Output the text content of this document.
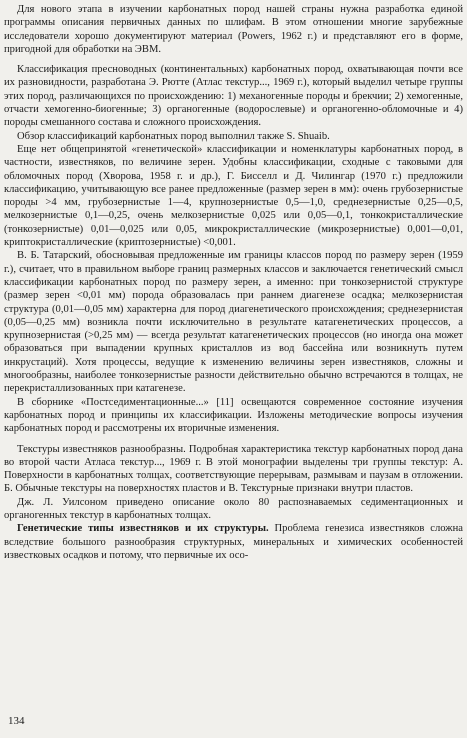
Для нового этапа в изучении карбонатных пород нашей страны нужна разработка единой программы описания первичных данных по шлифам. В этом отношении многие зарубежные исследователи хорошо документируют материал (Powers, 1962 г.) и представляют его в форме, пригодной для обработки на ЭВМ.

Классификация пресноводных (континентальных) карбонатных пород, охватывающая почти все их разновидности, разработана Э. Рютте (Атлас текстур..., 1969 г.), который выделил четыре группы этих пород, различающихся по происхождению: 1) механогенные породы и брекчии; 2) хемогенные, отчасти хемогенно-биогенные; 3) органогенные (водорослевые) и органогенно-обломочные и 4) породы смешанного состава и сложного происхождения.

Обзор классификаций карбонатных пород выполнил также S. Shuaib.

Еще нет общепринятой «генетической» классификации и номенклатуры карбонатных пород, в частности, известняков, по величине зерен. Удобны классификации, сходные с таковыми для обломочных пород (Хворова, 1958 г. и др.), Г. Бисселл и Д. Чилингар (1970 г.) предложили классификацию, учитывающую все ранее предложенные (размер зерен в мм): очень грубозернистые породы >4 мм, грубозернистые 1—4, крупнозернистые 0,5—1,0, среднезернистые 0,25—0,5, мелкозернистые 0,1—0,25, очень мелкозернистые 0,025 или 0,05—0,1, тонкокристаллические (тонкозернистые) 0,01—0,025 или 0,05, микрокристаллические (микрозернистые) 0,001—0,01, криптокристаллические (криптозернистые) <0,001.

В. Б. Татарский, обосновывая предложенные им границы классов пород по размеру зерен (1959 г.), считает, что в правильном выборе границ размерных классов и заключается генетический смысл классификации карбонатных пород по размеру зерен, а именно: при тонкозернистой структуре (размер зерен <0,01 мм) порода образовалась при раннем диагенезе осадка; мелкозернистая структура (0,01—0,05 мм) характерна для пород диагенетического происхождения; среднезернистая (0,05—0,25 мм) возникла почти исключительно в результате катагенетических процессов, а крупнозернистая (>0,25 мм) — всегда результат катагенетических процессов (но иногда она может образоваться при выпадении крупных кристаллов из вод бассейна или возникнуть путем инкрустаций). Хотя процессы, ведущие к изменению величины зерен известняков, сложны и многообразны, наиболее тонкозернистые разности действительно обычно встречаются в толщах, не перекристаллизованных при катагенезе.

В сборнике «Постседиментационные...» [11] освещаются современное состояние изучения карбонатных пород и принципы их классификации. Изложены методические вопросы изучения карбонатных пород и рассмотрены их вторичные изменения.

Текстуры известняков разнообразны. Подробная характеристика текстур карбонатных пород дана во второй части Атласа текстур..., 1969 г. В этой монографии выделены три группы текстур: А. Поверхности в карбонатных толщах, соответствующие перерывам, размывам и паузам в отложении. Б. Обычные текстуры на поверхностях пластов и В. Текстурные признаки внутри пластов.

Дж. Л. Уилсоном приведено описание около 80 распознаваемых седиментационных и органогенных текстур в карбонатных толщах.

Генетические типы известняков и их структуры. Проблема генезиса известняков сложна вследствие большого разнообразия структурных, минеральных и химических особенностей известковых осадков и потому, что первичные их осо-

134
